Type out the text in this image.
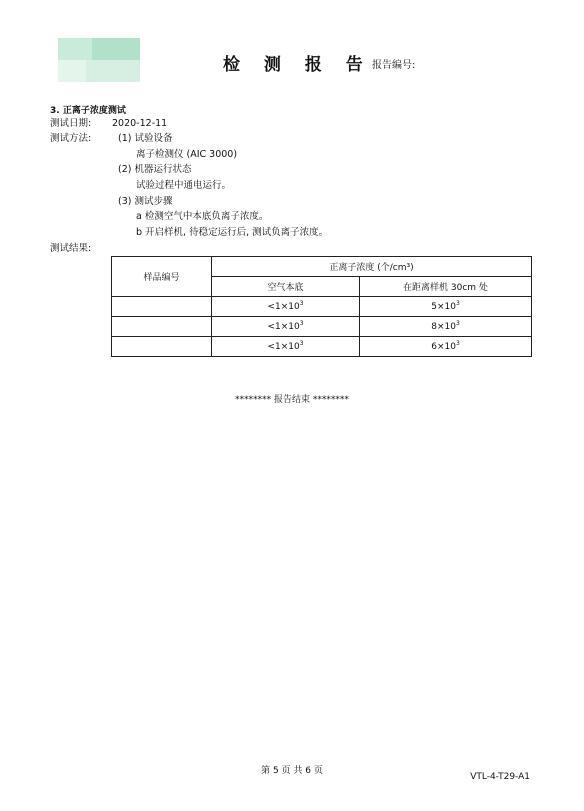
检 测 报 告 报告编号:
3. 正离子浓度测试
测试日期: 2020-12-11
测试方法:	(1) 试验设备
离子检测仪 (AIC 3000)
(2) 机器运行状态
试验过程中通电运行。
(3) 测试步骤
a 检测空气中本底负离子浓度。
b 开启样机, 待稳定运行后, 测试负离子浓度。
测试结果:
样品编号	正离子浓度 (个/cm³)	
	空气本底	在距离样机 30cm 处
	$<1\times 10^3$	$5\times 10^3$
	$<1\times 10^3$	$8\times 10^3$
	$<1\times 10^3$	$6\times 10^3$
******** 报告结束 ********
第 5 页 共 6 页
VTL-4-T29-A1
